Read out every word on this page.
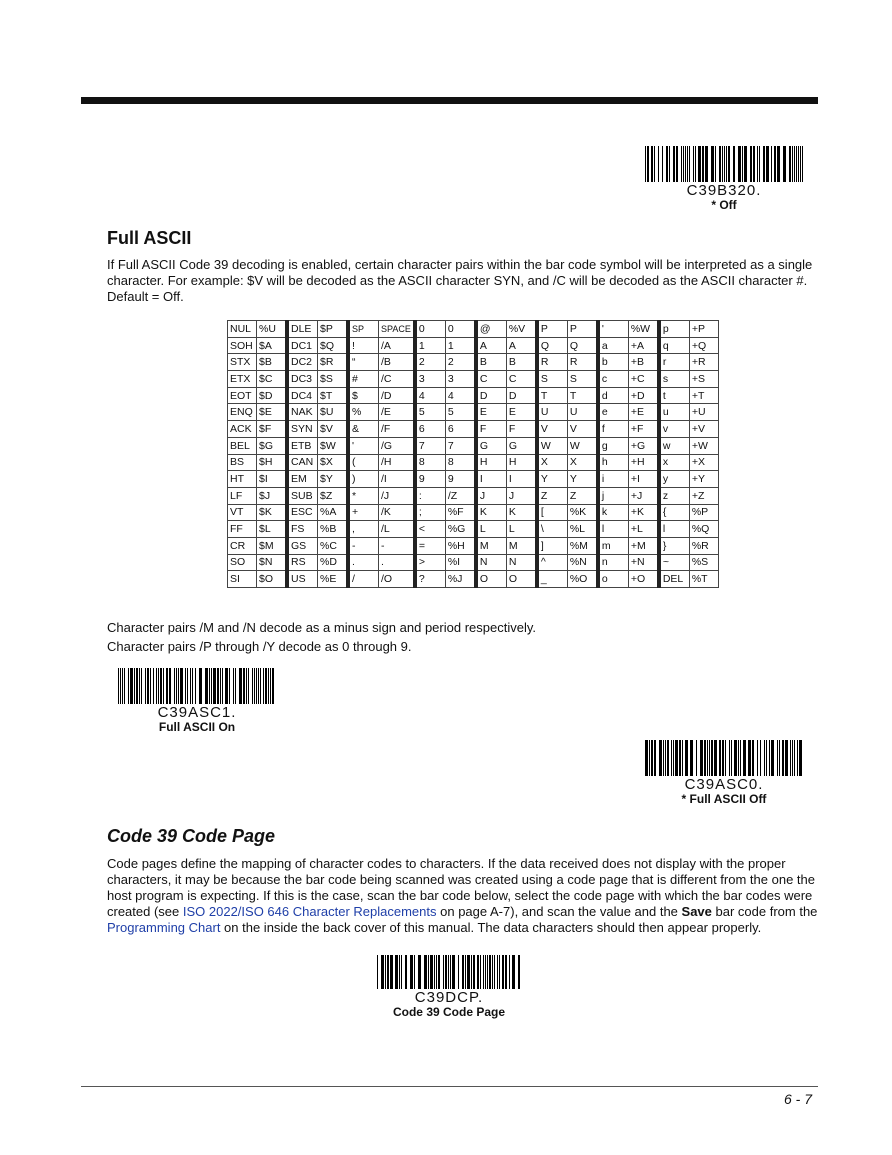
C39B320.
* Off
Full ASCII

If Full ASCII Code 39 decoding is enabled, certain character pairs within the bar code symbol will be interpreted as a single character. For example: $V will be decoded as the ASCII character SYN, and /C will be decoded as the ASCII character #. Default = Off.

NUL	%U	DLE	$P	SP	SPACE	0	0	@	%V	P	P	'	%W	p	+P
SOH	$A	DC1	$Q	!	/A	1	1	A	A	Q	Q	a	+A	q	+Q
STX	$B	DC2	$R	“	/B	2	2	B	B	R	R	b	+B	r	+R
ETX	$C	DC3	$S	#	/C	3	3	C	C	S	S	c	+C	s	+S
EOT	$D	DC4	$T	$	/D	4	4	D	D	T	T	d	+D	t	+T
ENQ	$E	NAK	$U	%	/E	5	5	E	E	U	U	e	+E	u	+U
ACK	$F	SYN	$V	&	/F	6	6	F	F	V	V	f	+F	v	+V
BEL	$G	ETB	$W	'	/G	7	7	G	G	W	W	g	+G	w	+W
BS	$H	CAN	$X	(	/H	8	8	H	H	X	X	h	+H	x	+X
HT	$I	EM	$Y	)	/I	9	9	I	I	Y	Y	i	+I	y	+Y
LF	$J	SUB	$Z	*	/J	:	/Z	J	J	Z	Z	j	+J	z	+Z
VT	$K	ESC	%A	+	/K	;	%F	K	K	[	%K	k	+K	{	%P
FF	$L	FS	%B	,	/L	<	%G	L	L	\	%L	l	+L	l	%Q
CR	$M	GS	%C	-	-	=	%H	M	M	]	%M	m	+M	}	%R
SO	$N	RS	%D	.	.	>	%I	N	N	^	%N	n	+N	~	%S
SI	$O	US	%E	/	/O	?	%J	O	O	_	%O	o	+O	DEL	%T

Character pairs /M and /N decode as a minus sign and period respectively.

Character pairs /P through /Y decode as 0 through 9.

C39ASC1.
Full ASCII On
C39ASC0.
* Full ASCII Off
Code 39 Code Page

Code pages define the mapping of character codes to characters. If the data received does not display with the proper characters, it may be because the bar code being scanned was created using a code page that is different from the one the host program is expecting. If this is the case, scan the bar code below, select the code page with which the bar codes were created (see ISO 2022/ISO 646 Character Replacements on page A-7), and scan the value and the Save bar code from the Programming Chart on the inside the back cover of this manual. The data characters should then appear properly.

C39DCP.
Code 39 Code Page
6 - 7
